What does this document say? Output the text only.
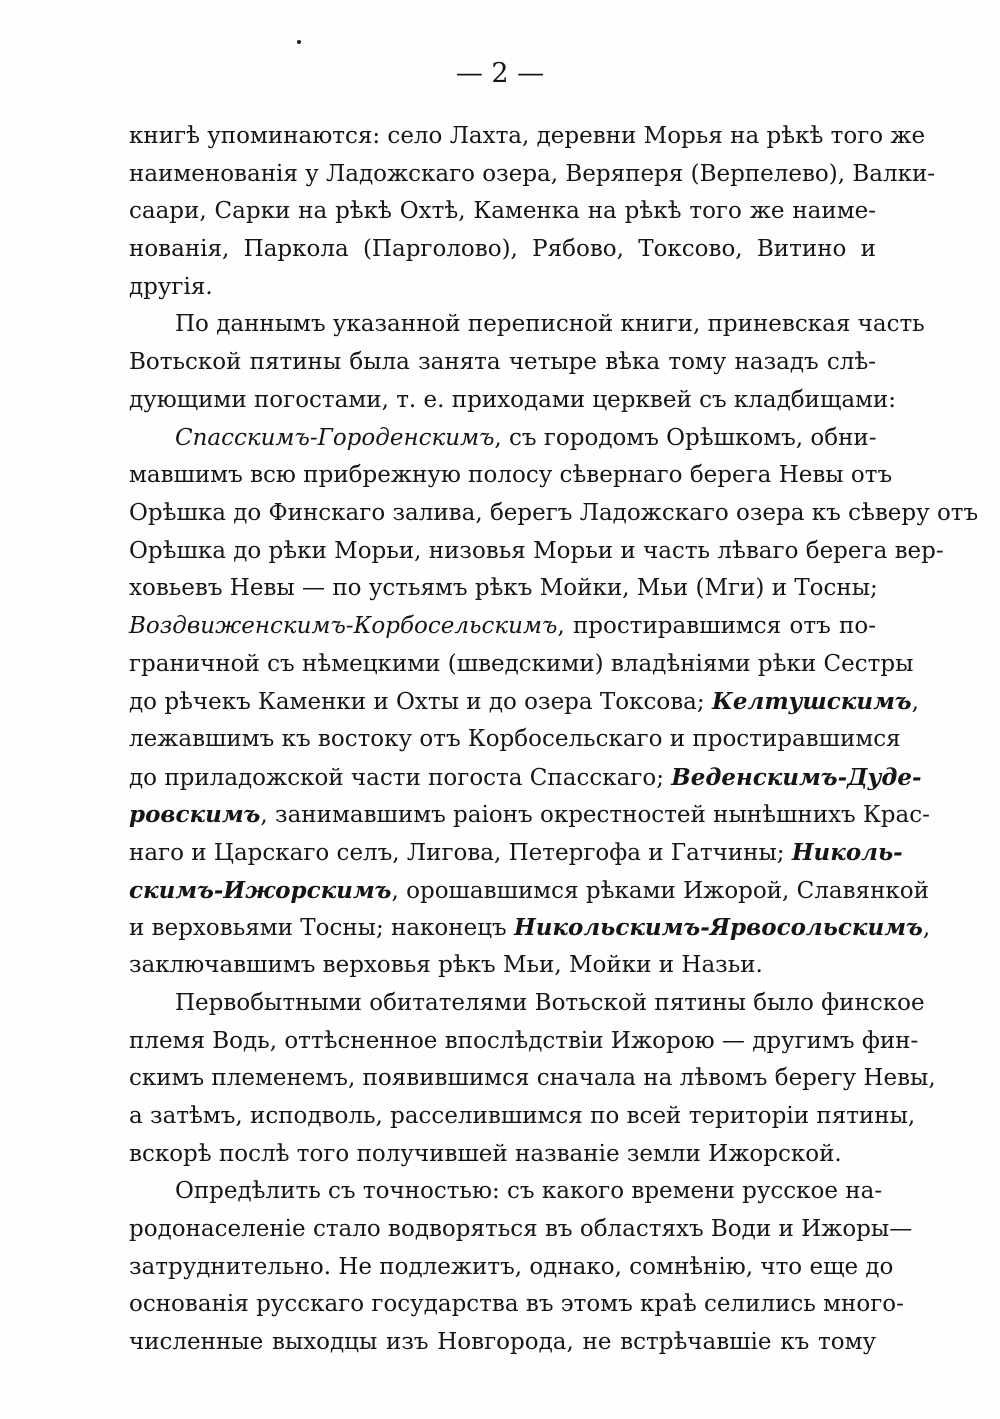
— 2 —
книгѣ упоминаются: село Лахта, деревни Морья на рѣкѣ того же
наименованія у Ладожскаго озера, Веряперя (Верпелево), Валки-
саари, Сарки на рѣкѣ Охтѣ, Каменка на рѣкѣ того же наиме-
нованія, Паркола (Парголово), Рябово, Токсово, Витино и
другія.
По даннымъ указанной переписной книги, приневская часть
Вотьской пятины была занята четыре вѣка тому назадъ слѣ-
дующими погостами, т. е. приходами церквей съ кладбищами:
Спасскимъ-Городенскимъ, съ городомъ Орѣшкомъ, обни-
мавшимъ всю прибрежную полосу сѣвернаго берега Невы отъ
Орѣшка до Финскаго залива, берегъ Ладожскаго озера къ сѣверу отъ
Орѣшка до рѣки Морьи, низовья Морьи и часть лѣваго берега вер-
ховьевъ Невы — по устьямъ рѣкъ Мойки, Мьи (Мги) и Тосны;
Воздвиженскимъ-Корбосельскимъ, простиравшимся отъ по-
граничной съ нѣмецкими (шведскими) владѣніями рѣки Сестры
до рѣчекъ Каменки и Охты и до озера Токсова; Келтушскимъ,
лежавшимъ къ востоку отъ Корбосельскаго и простиравшимся
до приладожской части погоста Спасскаго; Веденскимъ-Дуде-
ровскимъ, занимавшимъ раіонъ окрестностей нынѣшнихъ Крас-
наго и Царскаго селъ, Лигова, Петергофа и Гатчины; Николь-
скимъ-Ижорскимъ, орошавшимся рѣками Ижорой, Славянкой
и верховьями Тосны; наконецъ Никольскимъ-Ярвосольскимъ,
заключавшимъ верховья рѣкъ Мьи, Мойки и Назьи.
Первобытными обитателями Вотьской пятины было финское
племя Водь, оттѣсненное впослѣдствіи Ижорою — другимъ фин-
скимъ племенемъ, появившимся сначала на лѣвомъ берегу Невы,
а затѣмъ, исподволь, расселившимся по всей територіи пятины,
вскорѣ послѣ того получившей названіе земли Ижорской.
Опредѣлить съ точностью: съ какого времени русское на-
родонаселеніе стало водворяться въ областяхъ Води и Ижоры—
затруднительно. Не подлежитъ, однако, сомнѣнію, что еще до
основанія русскаго государства въ этомъ краѣ селились много-
численные выходцы изъ Новгорода, не встрѣчавшіе къ тому
